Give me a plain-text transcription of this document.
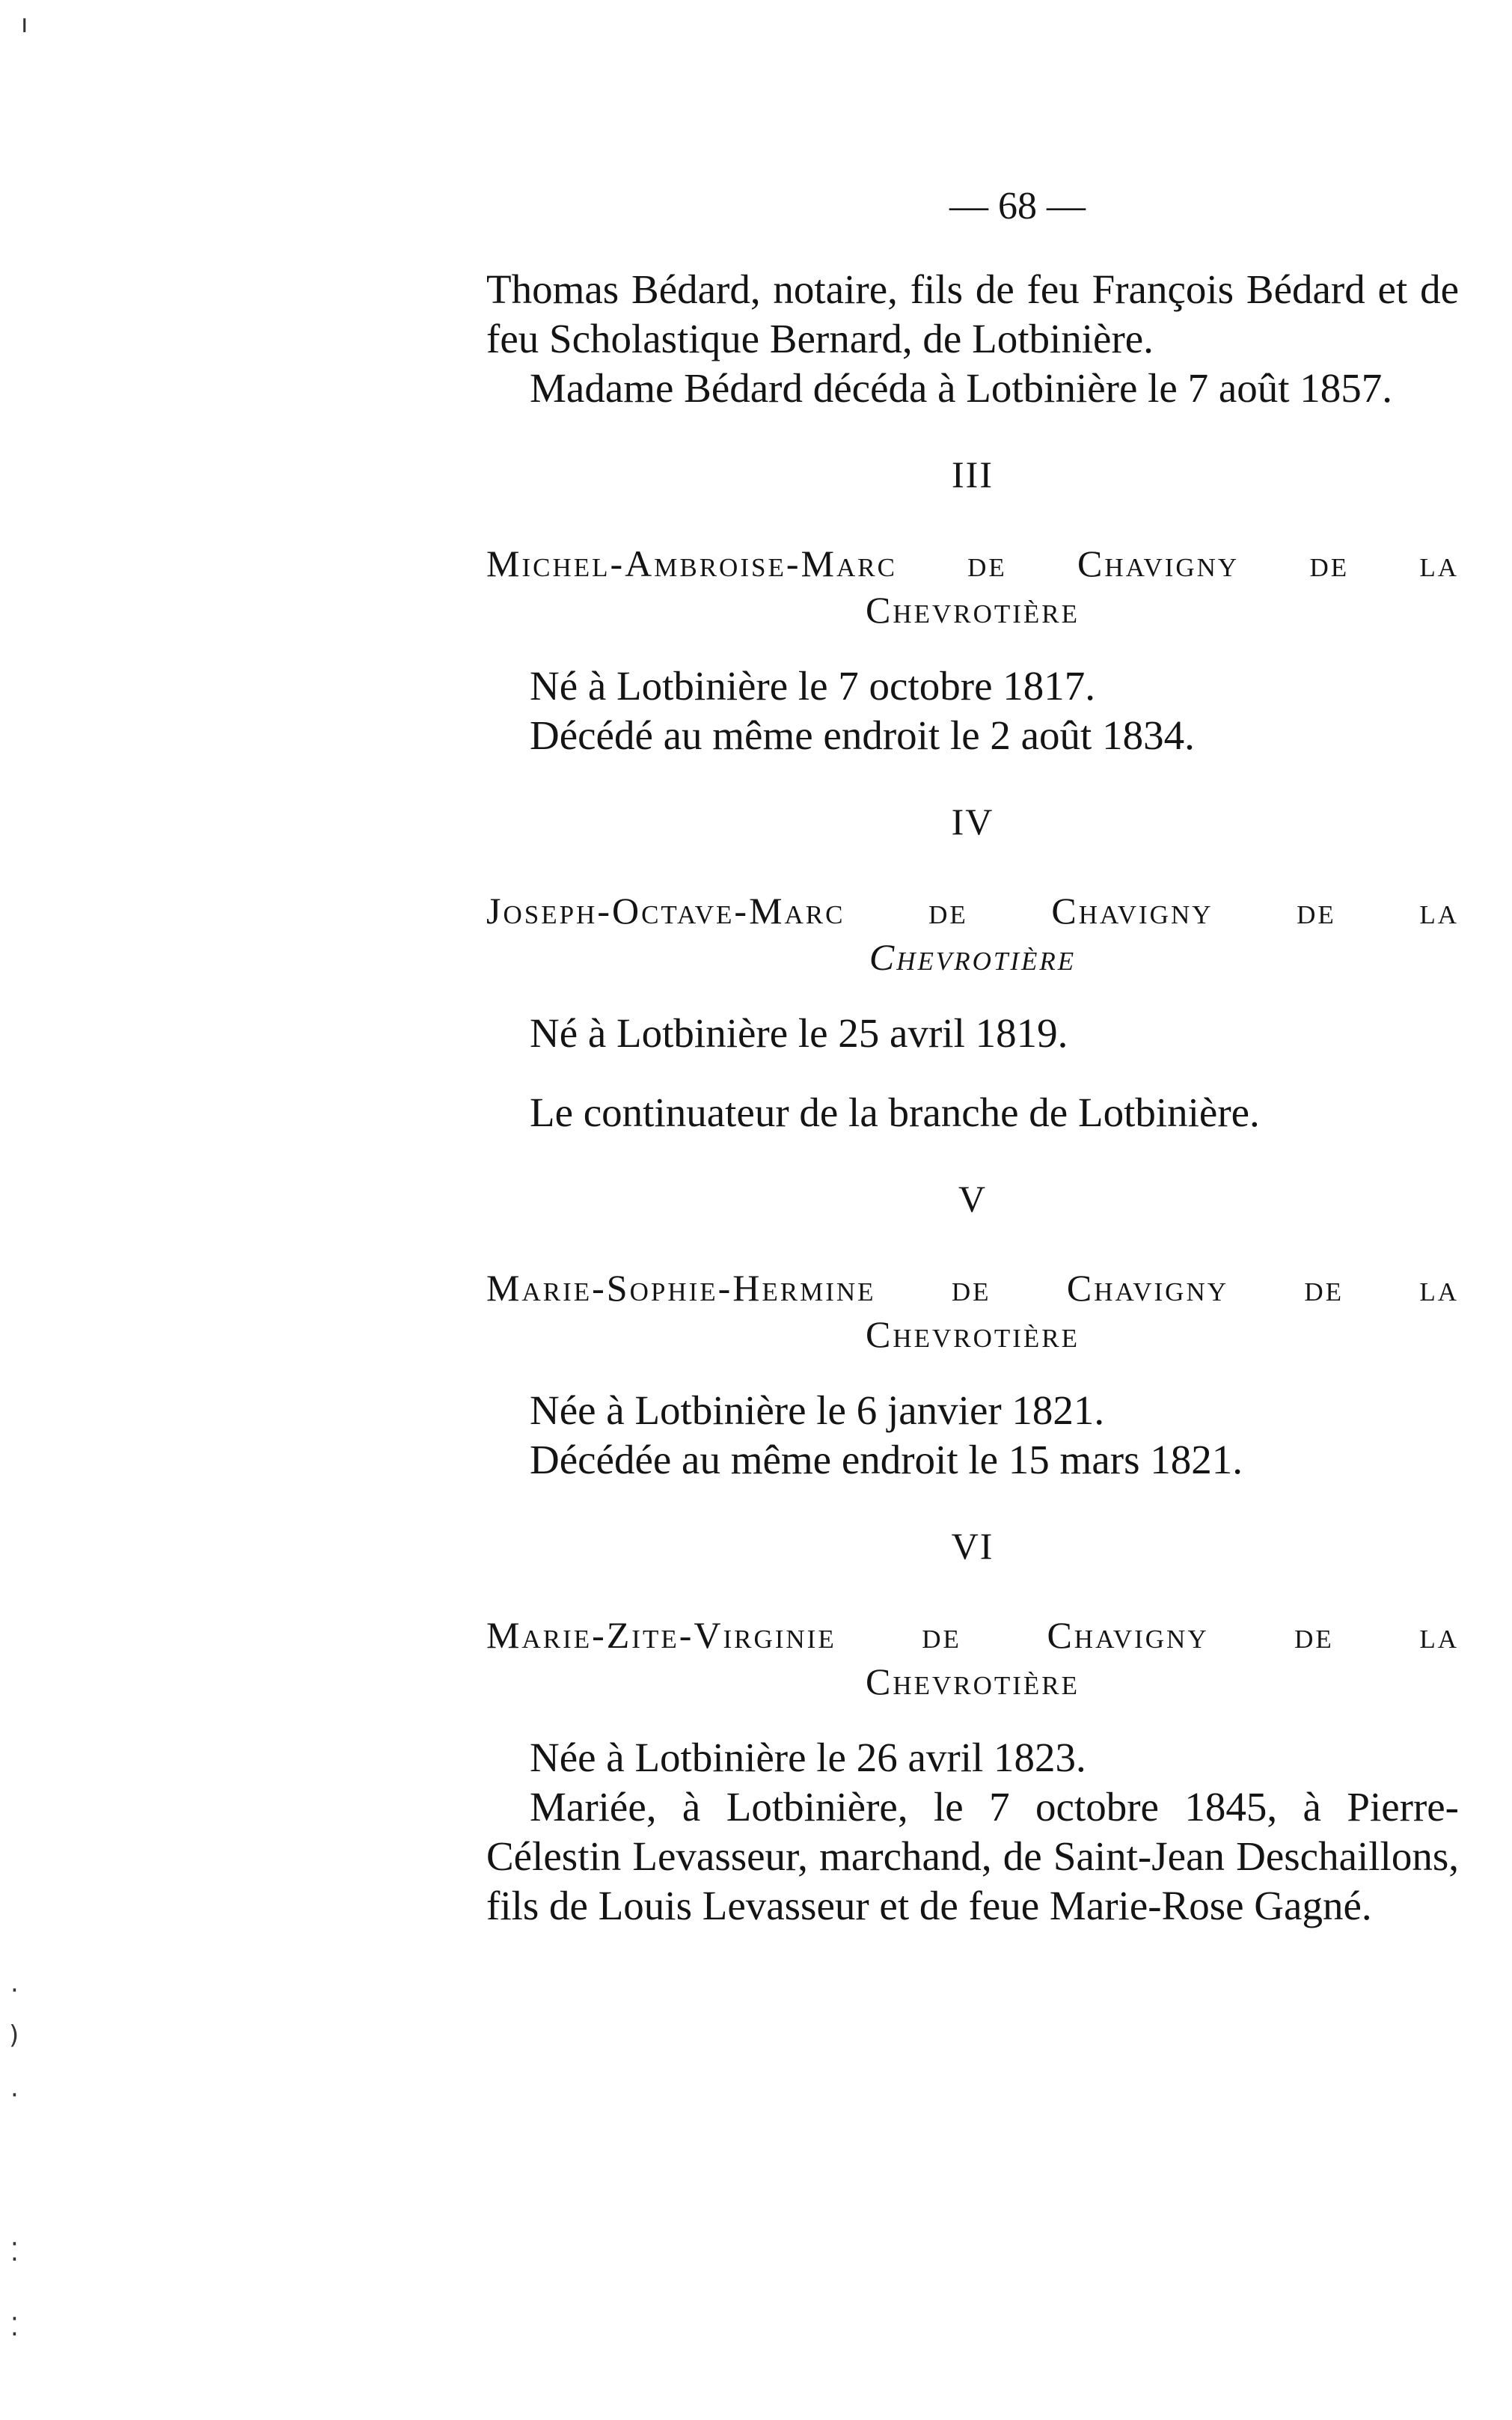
— 68 —

Thomas Bédard, notaire, fils de feu François Bédard et de feu Scholastique Bernard, de Lotbinière.

Madame Bédard décéda à Lotbinière le 7 août 1857.

III
Michel-Ambroise-Marc de Chavigny de la
Chevrotière

Né à Lotbinière le 7 octobre 1817.

Décédé au même endroit le 2 août 1834.

IV
Joseph-Octave-Marc de Chavigny de la
Chevrotière

Né à Lotbinière le 25 avril 1819.

Le continuateur de la branche de Lotbinière.

V
Marie-Sophie-Hermine de Chavigny de la
Chevrotière

Née à Lotbinière le 6 janvier 1821.

Décédée au même endroit le 15 mars 1821.

VI
Marie-Zite-Virginie de Chavigny de la
Chevrotière

Née à Lotbinière le 26 avril 1823.

Mariée, à Lotbinière, le 7 octobre 1845, à Pierre-Célestin Levasseur, marchand, de Saint-Jean Deschaillons, fils de Louis Levasseur et de feue Marie-Rose Gagné.

ı
·
)
·
⁚
⁚
